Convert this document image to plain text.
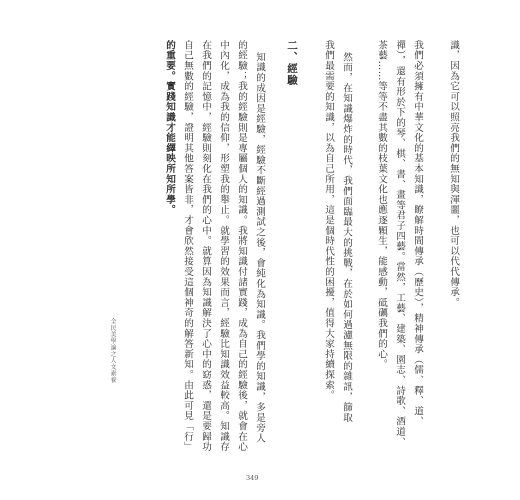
識，因為它可以照亮我們的無知與渾噩，也可以代代傳承。
我們必須擁有中華文化的基本知識，瞭解時間傳承（歷史），精神傳承（儒、釋、道、
禪），還有形於下的琴、棋、書、畫等君子四藝。當然，工藝、建築、園志、詩歌、酒道、
茶藝……等等不盡其數的枝葉文化也應逐顆生，能感動，砥礪我們的心。
然而，在知識爆炸的時代，我們面臨最大的挑戰，在於如何過濾無限的雜訊，篩取
我們最需要的知識，以為自己所用，這是個時代性的困擾，值得大家持續探索。
二、經驗
知識的成因是經驗，經驗不斷經過測試之後，會純化為知識。我們學的知識，多是旁人
的經驗；我的經驗則是專屬個人的知識。我將知識付諸實踐，成為自己的經驗後，就會在心
中內化，成為我的信仰，形塑我的舉止。就學習的效果而言，經驗比知識效益較高。知識存
在我們的記憶中，經驗則刻化在我們的心中。就算因為知識解決了心中的窈惑，還是要歸功
自己無數的經驗，證明其他答案皆非，才會欣然接受這個神奇的解答新知。由此可見「行」
的重要。實踐知識才能繹映所知所學。
全民美學論之人文素養
349
